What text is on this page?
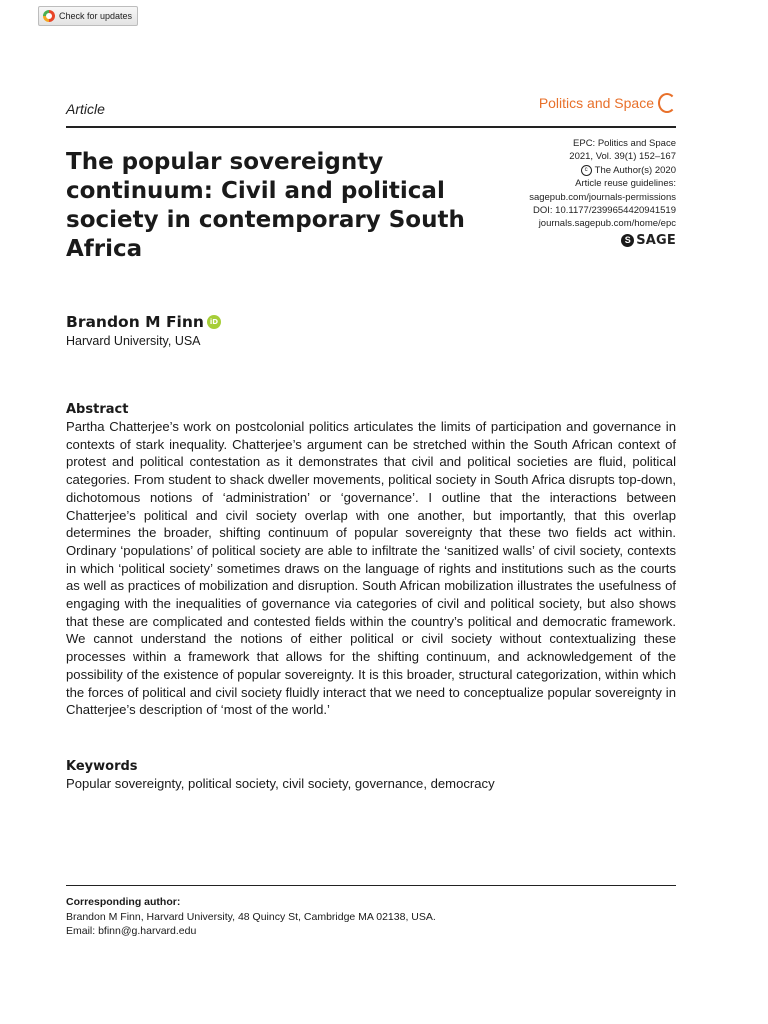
Check for updates
Article	Politics and Space
The popular sovereignty continuum: Civil and political society in contemporary South Africa
EPC: Politics and Space
2021, Vol. 39(1) 152–167
c The Author(s) 2020
Article reuse guidelines:
sagepub.com/journals-permissions
DOI: 10.1177/2399654420941519
journals.sagepub.com/home/epc
S SAGE
Brandon M Finn iD
Harvard University, USA
Abstract

Partha Chatterjee’s work on postcolonial politics articulates the limits of participation and governance in contexts of stark inequality. Chatterjee’s argument can be stretched within the South African context of protest and political contestation as it demonstrates that civil and political societies are fluid, political categories. From student to shack dweller movements, political society in South Africa disrupts top-down, dichotomous notions of ‘administration’ or ‘governance’. I outline that the interactions between Chatterjee’s political and civil society overlap with one another, but importantly, that this overlap determines the broader, shifting continuum of popular sovereignty that these two fields act within. Ordinary ‘populations’ of political society are able to infiltrate the ‘sanitized walls’ of civil society, contexts in which ‘political society’ sometimes draws on the language of rights and institutions such as the courts as well as practices of mobilization and disruption. South African mobilization illustrates the usefulness of engaging with the inequalities of governance via categories of civil and political society, but also shows that these are complicated and contested fields within the country’s political and democratic framework. We cannot understand the notions of either political or civil society without contextualizing these processes within a framework that allows for the shifting continuum, and acknowledgement of the possibility of the existence of popular sovereignty. It is this broader, structural categorization, within which the forces of political and civil society fluidly interact that we need to conceptualize popular sovereignty in Chatterjee’s description of ‘most of the world.’

Keywords
Popular sovereignty, political society, civil society, governance, democracy
Corresponding author:
Brandon M Finn, Harvard University, 48 Quincy St, Cambridge MA 02138, USA.
Email: bfinn@g.harvard.edu
